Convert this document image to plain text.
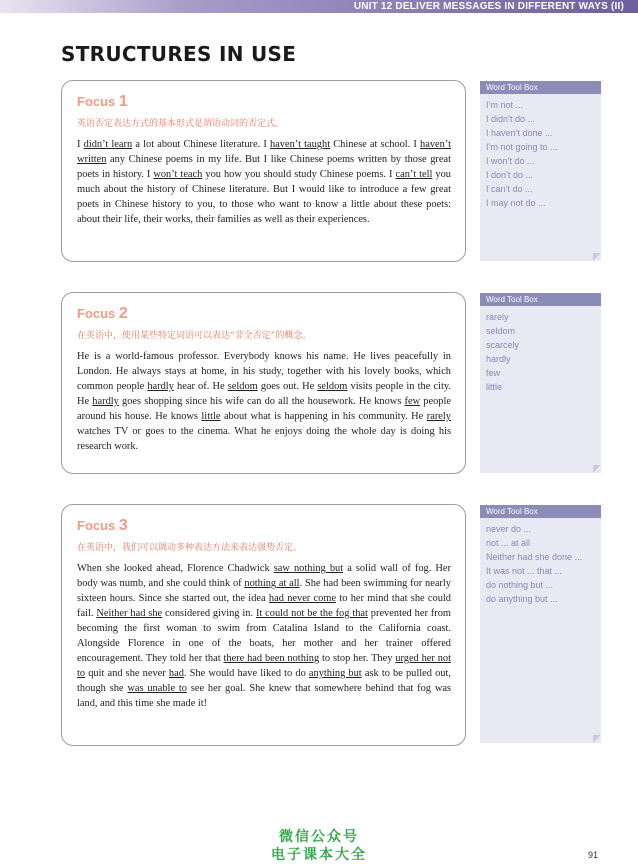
UNIT 12 DELIVER MESSAGES IN DIFFERENT WAYS (II)
STRUCTURES IN USE
Focus 1
英语否定表达方式的基本形式是谓语动词的否定式。
I didn’t learn a lot about Chinese literature. I haven’t taught Chinese at school. I haven’t written any Chinese poems in my life. But I like Chinese poems written by those great poets in history. I won’t teach you how you should study Chinese poems. I can’t tell you much about the history of Chinese literature. But I would like to introduce a few great poets in Chinese history to you, to those who want to know a little about these poets: about their life, their works, their families as well as their experiences.
Focus 2
在英语中，使用某些特定词语可以表达“非全否定”的概念。
He is a world-famous professor. Everybody knows his name. He lives peacefully in London. He always stays at home, in his study, together with his lovely books, which common people hardly hear of. He seldom goes out. He seldom visits people in the city. He hardly goes shopping since his wife can do all the housework. He knows few people around his house. He knows little about what is happening in his community. He rarely watches TV or goes to the cinema. What he enjoys doing the whole day is doing his research work.
Focus 3
在英语中，我们可以调动多种表达方法来表达强势否定。
When she looked ahead, Florence Chadwick saw nothing but a solid wall of fog. Her body was numb, and she could think of nothing at all. She had been swimming for nearly sixteen hours. Since she started out, the idea had never come to her mind that she could fail. Neither had she considered giving in. It could not be the fog that prevented her from becoming the first woman to swim from Catalina Island to the California coast. Alongside Florence in one of the boats, her mother and her trainer offered encouragement. They told her that there had been nothing to stop her. They urged her not to quit and she never had. She would have liked to do anything but ask to be pulled out, though she was unable to see her goal. She knew that somewhere behind that fog was land, and this time she made it!
Word Tool Box
I’m not ...
I didn’t do ...
I haven’t done ...
I’m not going to ...
I won’t do ...
I don’t do ...
I can’t do ...
I may not do ...
Word Tool Box
rarely
seldom
scarcely
hardly
few
little
Word Tool Box
never do ...
not ... at all
Neither had she done ...
It was not ... that ...
do nothing but ...
do anything but ...
微信公众号
电子课本大全	91
